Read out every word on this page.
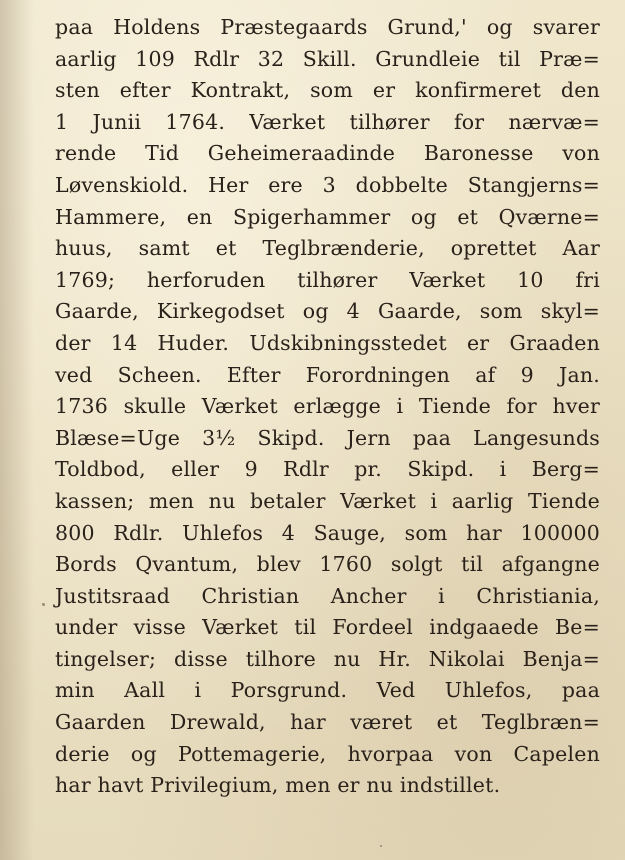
paa Holdens Præstegaards Grund,' og svarer
aarlig 109 Rdlr 32 Skill. Grundleie til Præ=
sten efter Kontrakt, som er konfirmeret den
1 Junii 1764. Værket tilhører for nærvæ=
rende Tid Geheimeraadinde Baronesse von
Løvenskiold. Her ere 3 dobbelte Stangjerns=
Hammere, en Spigerhammer og et Qværne=
huus, samt et Teglbrænderie, oprettet Aar
1769; herforuden tilhører Værket 10 fri
Gaarde, Kirkegodset og 4 Gaarde, som skyl=
der 14 Huder. Udskibningsstedet er Graaden
ved Scheen. Efter Forordningen af 9 Jan.
1736 skulle Værket erlægge i Tiende for hver
Blæse=Uge 3½ Skipd. Jern paa Langesunds
Toldbod, eller 9 Rdlr pr. Skipd. i Berg=
kassen; men nu betaler Værket i aarlig Tiende
800 Rdlr. Uhlefos 4 Sauge, som har 100000
Bords Qvantum, blev 1760 solgt til afgangne
Justitsraad Christian Ancher i Christiania,
under visse Værket til Fordeel indgaaede Be=
tingelser; disse tilhore nu Hr. Nikolai Benja=
min Aall i Porsgrund. Ved Uhlefos, paa
Gaarden Drewald, har været et Teglbræn=
derie og Pottemagerie, hvorpaa von Capelen
har havt Privilegium, men er nu indstillet.
